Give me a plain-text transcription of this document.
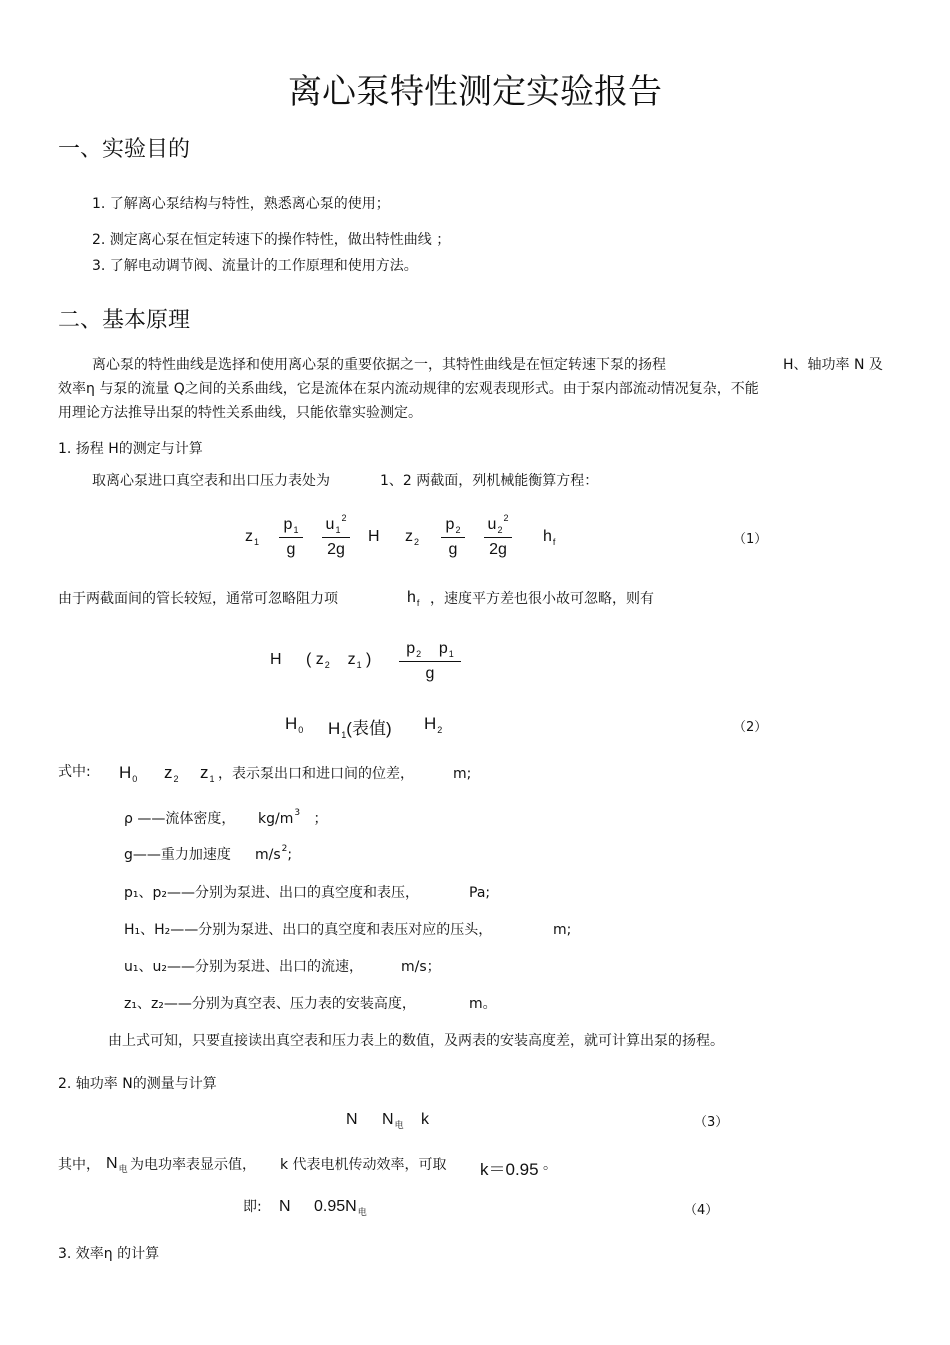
离心泵特性测定实验报告
一、实验目的
1. 了解离心泵结构与特性，熟悉离心泵的使用；
2. 测定离心泵在恒定转速下的操作特性，做出特性曲线 ；
3. 了解电动调节阀、流量计的工作原理和使用方法。
二、基本原理
离心泵的特性曲线是选择和使用离心泵的重要依据之一，其特性曲线是在恒定转速下泵的扬程	H、轴功率 N 及
效率η 与泵的流量 Q之间的关系曲线，它是流体在泵内流动规律的宏观表现形式。由于泵内部流动情况复杂，不能
用理论方法推导出泵的特性关系曲线，只能依靠实验测定。
1. 扬程 H的测定与计算
取离心泵进口真空表和出口压力表处为	1、2 两截面，列机械能衡算方程：
$z_1$
$p_1$
g
$u_1^2$
2g
H $z_2$
$p_2$
g
$u_2^2$
2g
$h_f$	（1）
由于两截面间的管长较短，通常可忽略阻力项	$h_f$ ，速度平方差也很小故可忽略，则有
H ( $z_2$    $z_1$ )
$p_2$    $p_1$
g
$H_0$ $H_1$(表值) $H_2$	（2）
式中: $H_0$ $z_2$ $z_1$ ，表示泵出口和进口间的位差，	m;
ρ ——流体密度， $kg/m^3$   ；
g——重力加速度 $m/s^2$;
p₁、p₂——分别为泵进、出口的真空度和表压，	Pa;
H₁、H₂——分别为泵进、出口的真空度和表压对应的压头，	m;
u₁、u₂——分别为泵进、出口的流速，	m/s；
z₁、z₂——分别为真空表、压力表的安装高度，	m。
由上式可知，只要直接读出真空表和压力表上的数值，及两表的安装高度差，就可计算出泵的扬程。
2. 轴功率 N的测量与计算
N $N_电$ k	（3）
其中， $N_电$ 为电功率表显示值， k 代表电机传动效率，可取 k＝0.95 。
即: N $0.95N_电$	（4）
3. 效率η 的计算
